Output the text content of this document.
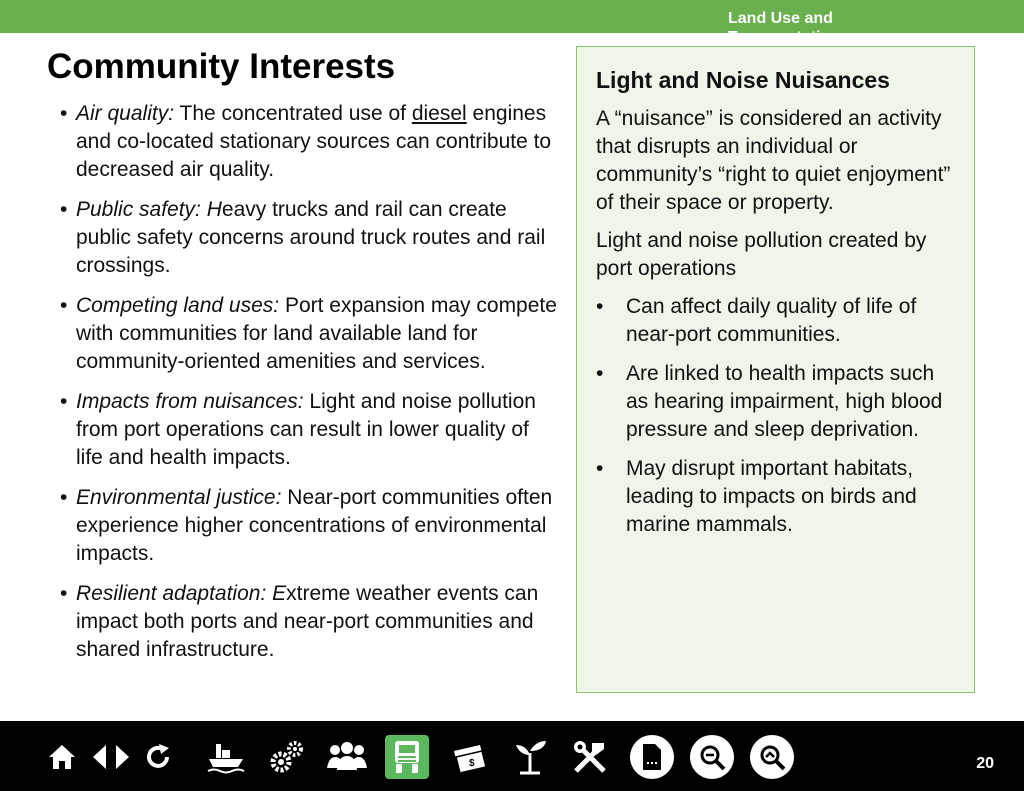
Land Use and Transportation
Community Interests
• Air quality: The concentrated use of diesel engines and co-located stationary sources can contribute to decreased air quality.
• Public safety: Heavy trucks and rail can create public safety concerns around truck routes and rail crossings.
• Competing land uses: Port expansion may compete with communities for land available land for community-oriented amenities and services.
• Impacts from nuisances: Light and noise pollution from port operations can result in lower quality of life and health impacts.
• Environmental justice: Near-port communities often experience higher concentrations of environmental impacts.
• Resilient adaptation: Extreme weather events can impact both ports and near-port communities and shared infrastructure.
Light and Noise Nuisances

A “nuisance” is considered an activity that disrupts an individual or community’s “right to quiet enjoyment” of their space or property.

Light and noise pollution created by port operations

• Can affect daily quality of life of near-port communities.
• Are linked to health impacts such as hearing impairment, high blood pressure and sleep deprivation.
• May disrupt important habitats, leading to impacts on birds and marine mammals.
$	20
